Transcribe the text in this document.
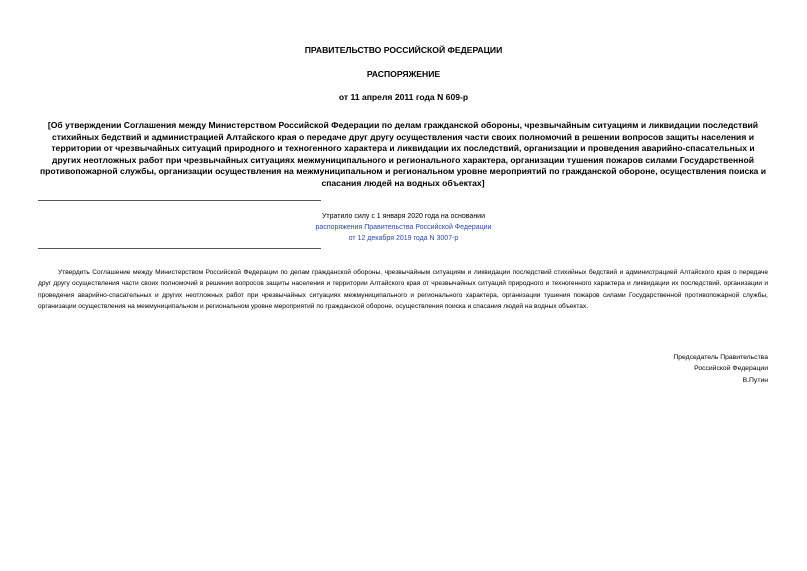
ПРАВИТЕЛЬСТВО РОССИЙСКОЙ ФЕДЕРАЦИИ
РАСПОРЯЖЕНИЕ
от 11 апреля 2011 года N 609-р
[Об утверждении Соглашения между Министерством Российской Федерации по делам гражданской обороны, чрезвычайным ситуациям и ликвидации последствий стихийных бедствий и администрацией Алтайского края о передаче друг другу осуществления части своих полномочий в решении вопросов защиты населения и территории от чрезвычайных ситуаций природного и техногенного характера и ликвидации их последствий, организации и проведения аварийно-спасательных и других неотложных работ при чрезвычайных ситуациях межмуниципального и регионального характера, организации тушения пожаров силами Государственной противопожарной службы, организации осуществления на межмуниципальном и региональном уровне мероприятий по гражданской обороне, осуществления поиска и спасания людей на водных объектах]
Утратило силу с 1 января 2020 года на основании
распоряжения Правительства Российской Федерации
от 12 декабря 2019 года N 3007-р

Утвердить Соглашение между Министерством Российской Федерации по делам гражданской обороны, чрезвычайным ситуациям и ликвидации последствий стихийных бедствий и администрацией Алтайского края о передаче друг другу осуществления части своих полномочий в решении вопросов защиты населения и территории Алтайского края от чрезвычайных ситуаций природного и техногенного характера и ликвидации их последствий, организации и проведения аварийно-спасательных и других неотложных работ при чрезвычайных ситуациях межмуниципального и регионального характера, организации тушения пожаров силами Государственной противопожарной службы, организации осуществления на межмуниципальном и региональном уровне мероприятий по гражданской обороне, осуществления поиска и спасания людей на водных объектах.

Председатель Правительства
Российской Федерации
В.Путин
